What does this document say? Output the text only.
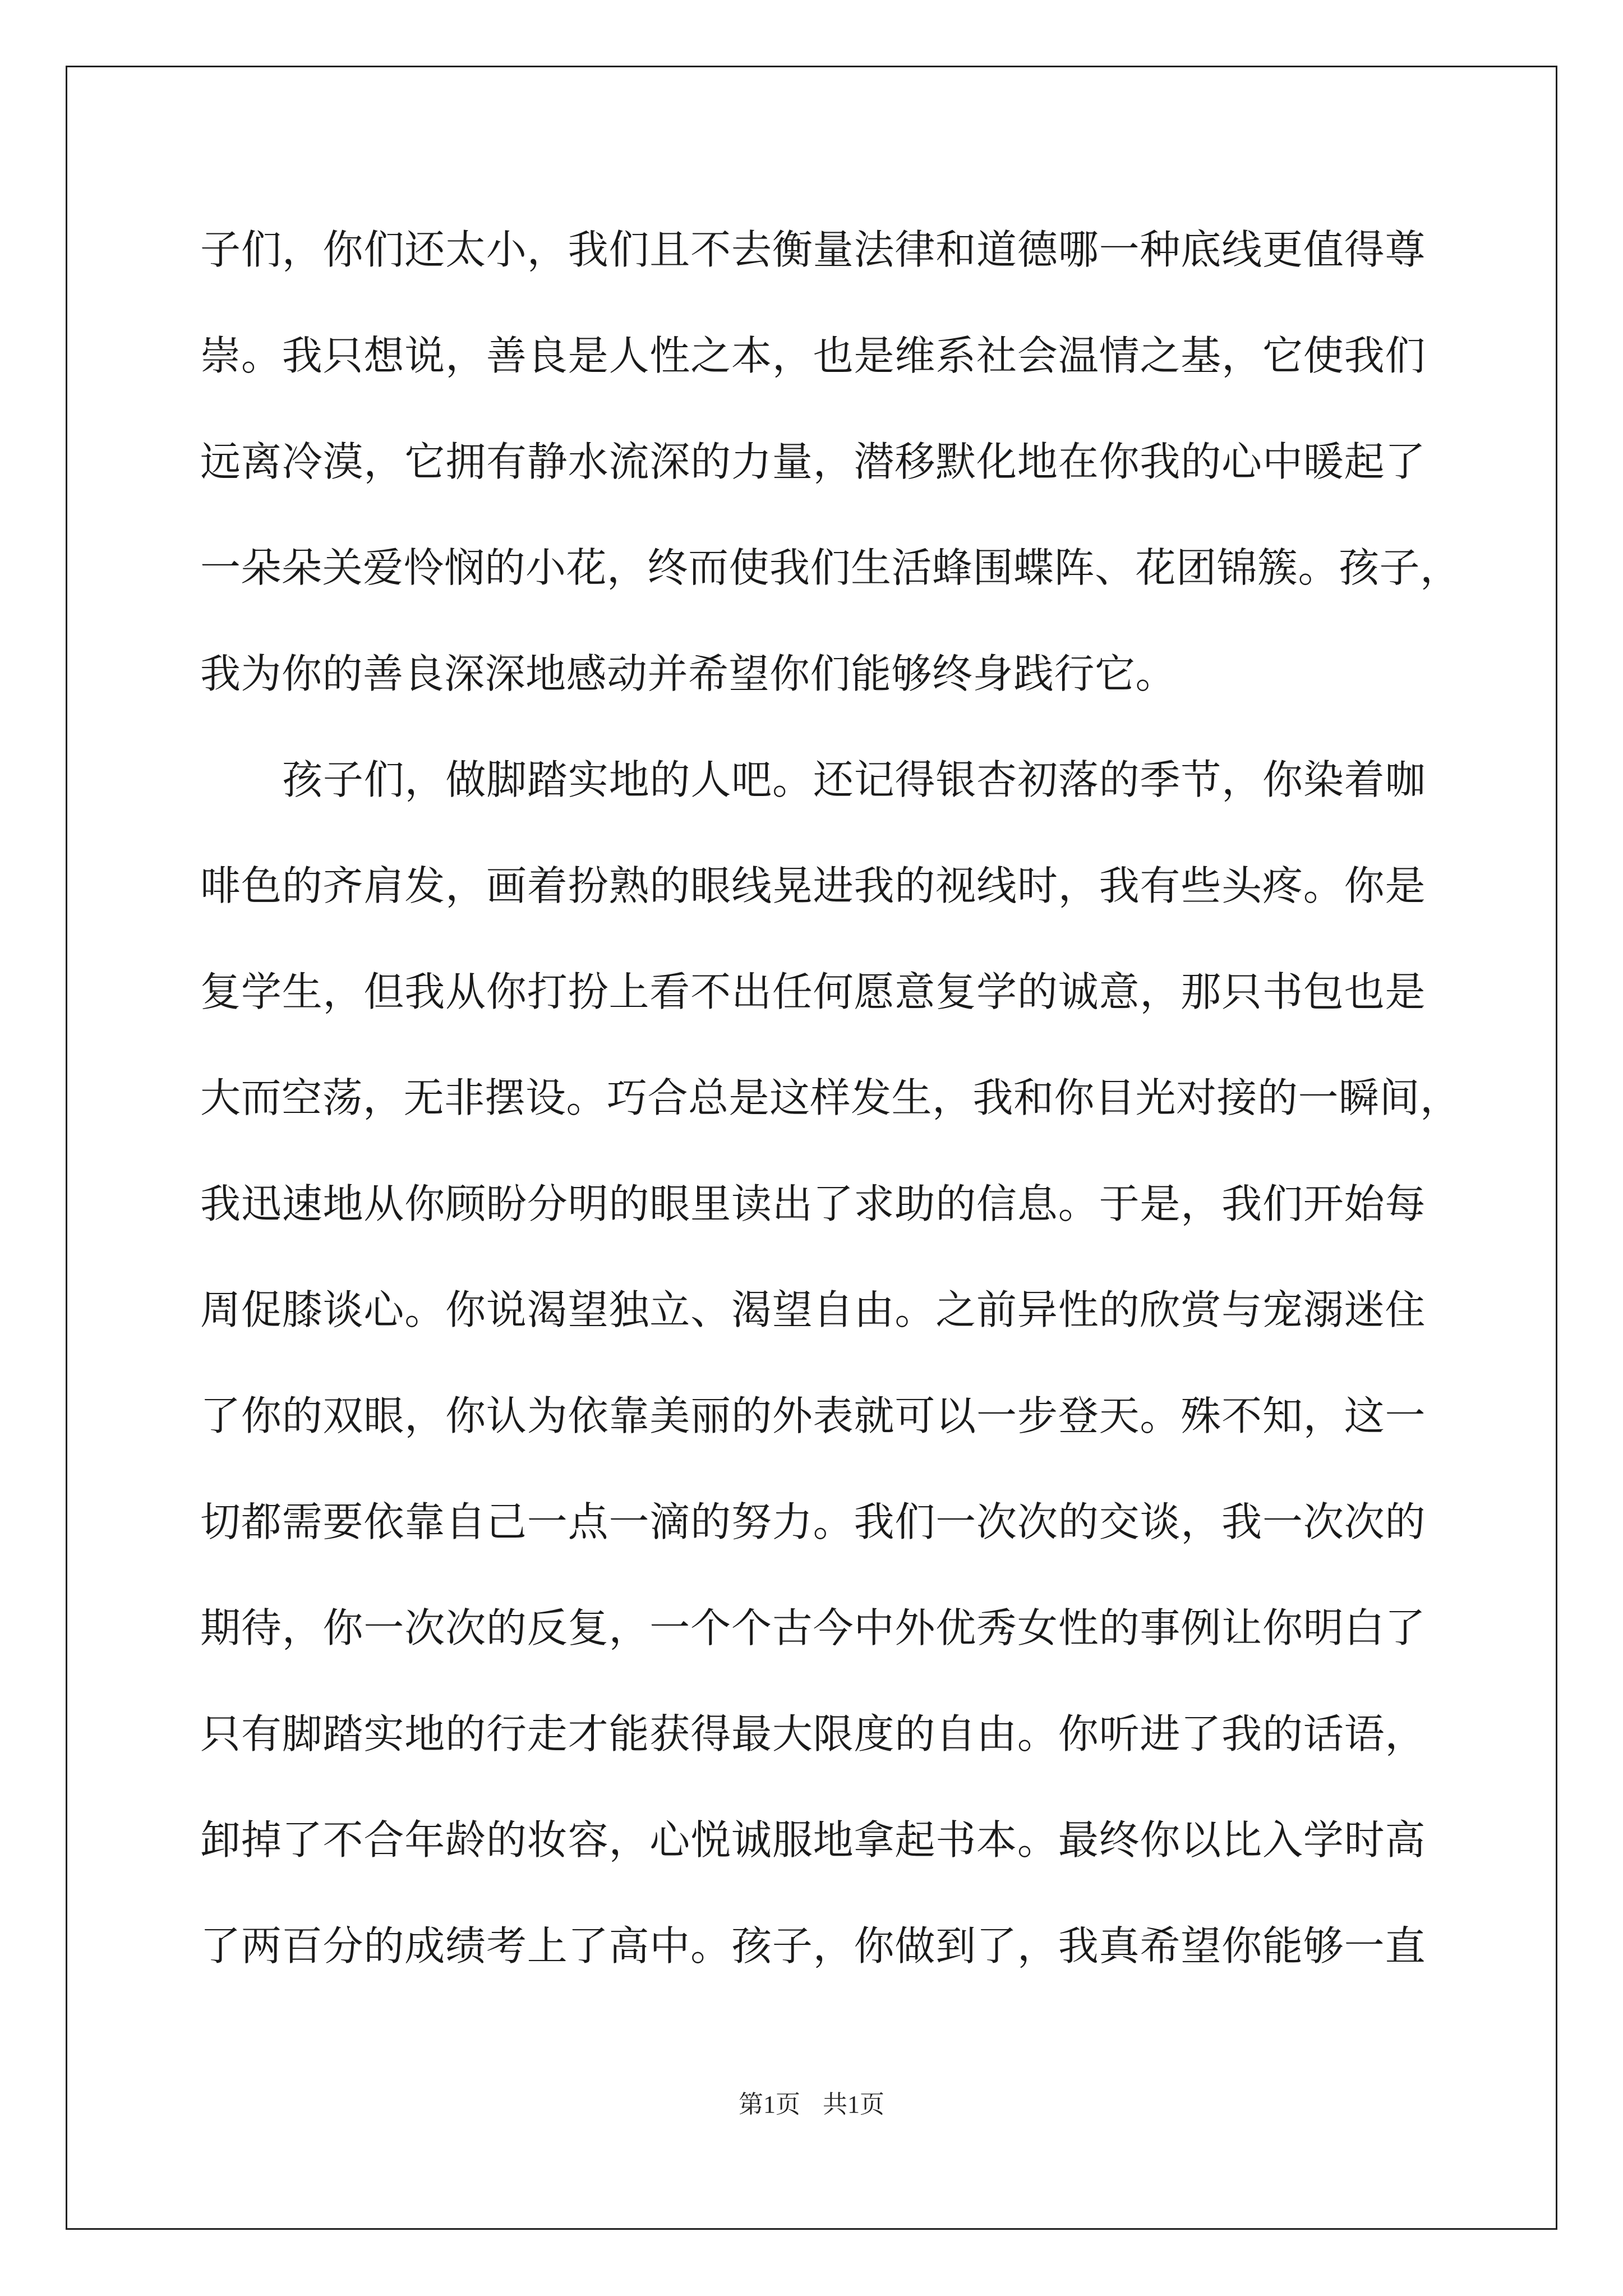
子们，你们还太小，我们且不去衡量法律和道德哪一种底线更值得尊
崇。我只想说，善良是人性之本，也是维系社会温情之基，它使我们
远离冷漠，它拥有静水流深的力量，潜移默化地在你我的心中暖起了
一朵朵关爱怜悯的小花，终而使我们生活蜂围蝶阵、花团锦簇。孩子，
我为你的善良深深地感动并希望你们能够终身践行它。
孩子们，做脚踏实地的人吧。还记得银杏初落的季节，你染着咖
啡色的齐肩发，画着扮熟的眼线晃进我的视线时，我有些头疼。你是
复学生，但我从你打扮上看不出任何愿意复学的诚意，那只书包也是
大而空荡，无非摆设。巧合总是这样发生，我和你目光对接的一瞬间，
我迅速地从你顾盼分明的眼里读出了求助的信息。于是，我们开始每
周促膝谈心。你说渴望独立、渴望自由。之前异性的欣赏与宠溺迷住
了你的双眼，你认为依靠美丽的外表就可以一步登天。殊不知，这一
切都需要依靠自己一点一滴的努力。我们一次次的交谈，我一次次的
期待，你一次次的反复，一个个古今中外优秀女性的事例让你明白了
只有脚踏实地的行走才能获得最大限度的自由。你听进了我的话语，
卸掉了不合年龄的妆容，心悦诚服地拿起书本。最终你以比入学时高
了两百分的成绩考上了高中。孩子，你做到了，我真希望你能够一直
第1页 共1页
